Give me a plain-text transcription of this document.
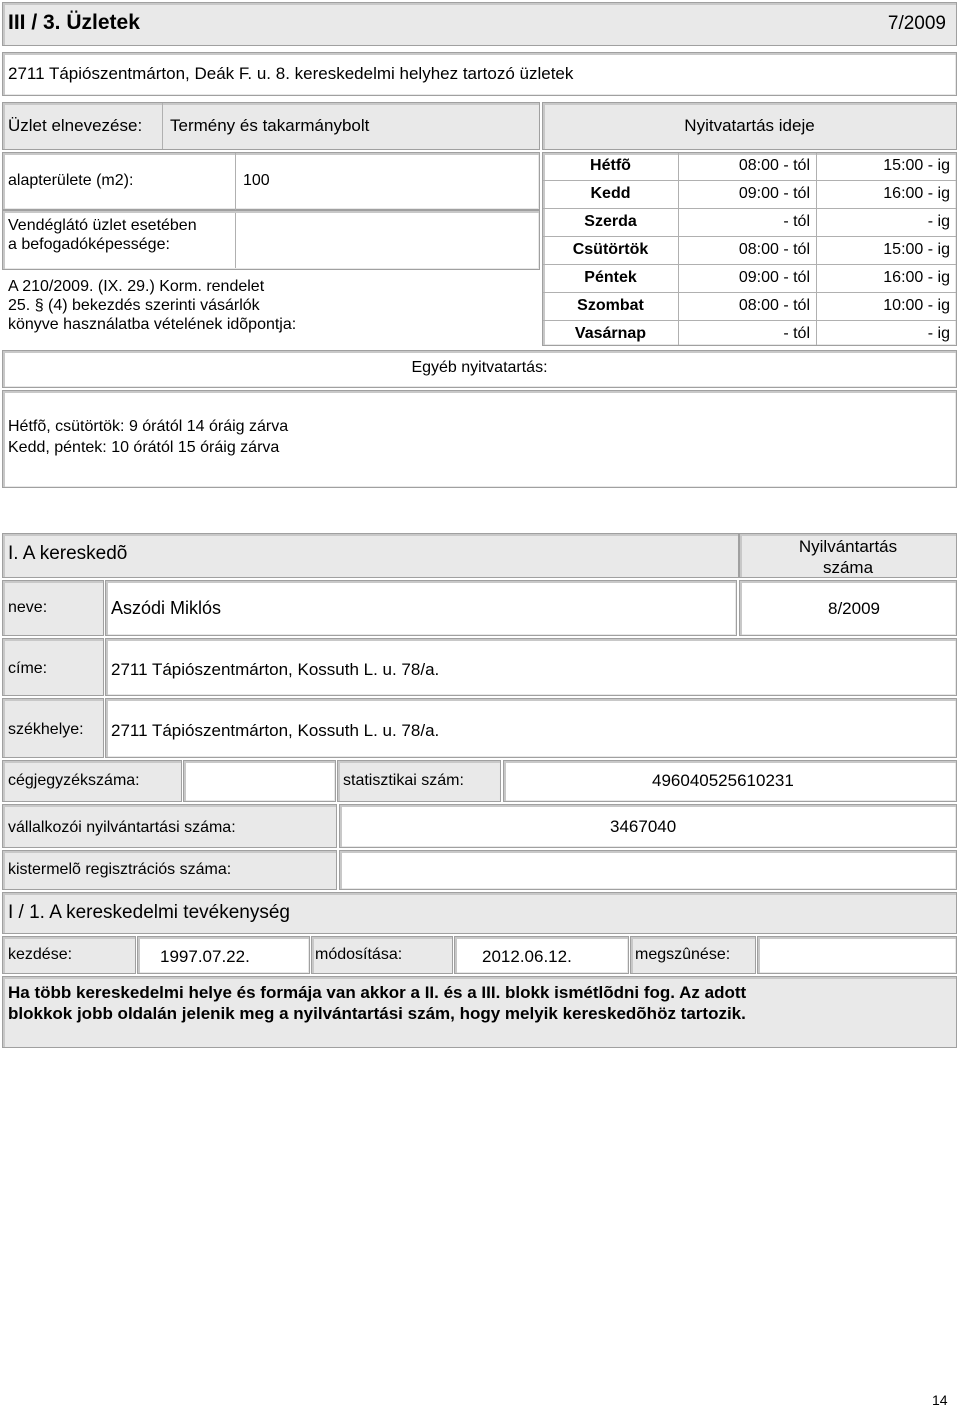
III / 3. Üzletek	7/2009
2711 Tápiószentmárton, Deák F. u. 8. kereskedelmi helyhez tartozó üzletek
Üzlet elnevezése: Termény és takarmánybolt
alapterülete (m2):	100
Vendéglátó üzlet esetében
a befogadóképessége:
A 210/2009. (IX. 29.) Korm. rendelet
25. § (4) bekezdés szerinti vásárlók
könyve használatba vételének idõpontja:
Nyitvatartás ideje
Hétfõ	08:00 - tól	15:00 - ig
Kedd	09:00 - tól	16:00 - ig
Szerda	- tól	- ig
Csütörtök	08:00 - tól	15:00 - ig
Péntek	09:00 - tól	16:00 - ig
Szombat	08:00 - tól	10:00 - ig
Vasárnap	- tól	- ig
Egyéb nyitvatartás:
Hétfõ, csütörtök: 9 órától 14 óráig zárva
Kedd, péntek: 10 órától 15 óráig zárva
I. A kereskedõ	Nyilvántartás
száma
neve:	Aszódi Miklós	8/2009
címe:	2711 Tápiószentmárton, Kossuth L. u. 78/a.
székhelye: 2711 Tápiószentmárton, Kossuth L. u. 78/a.
cégjegyzékszáma:	statisztikai szám:	496040525610231
vállalkozói nyilvántartási száma:	3467040
kistermelõ regisztrációs száma:
I / 1. A kereskedelmi tevékenység
kezdése:	1997.07.22.	módosítása:	2012.06.12.	megszûnése:
Ha több kereskedelmi helye és formája van akkor a II. és a III. blokk ismétlõdni fog. Az adott blokkok jobb oldalán jelenik meg a nyilvántartási szám, hogy melyik kereskedõhöz tartozik.
14
